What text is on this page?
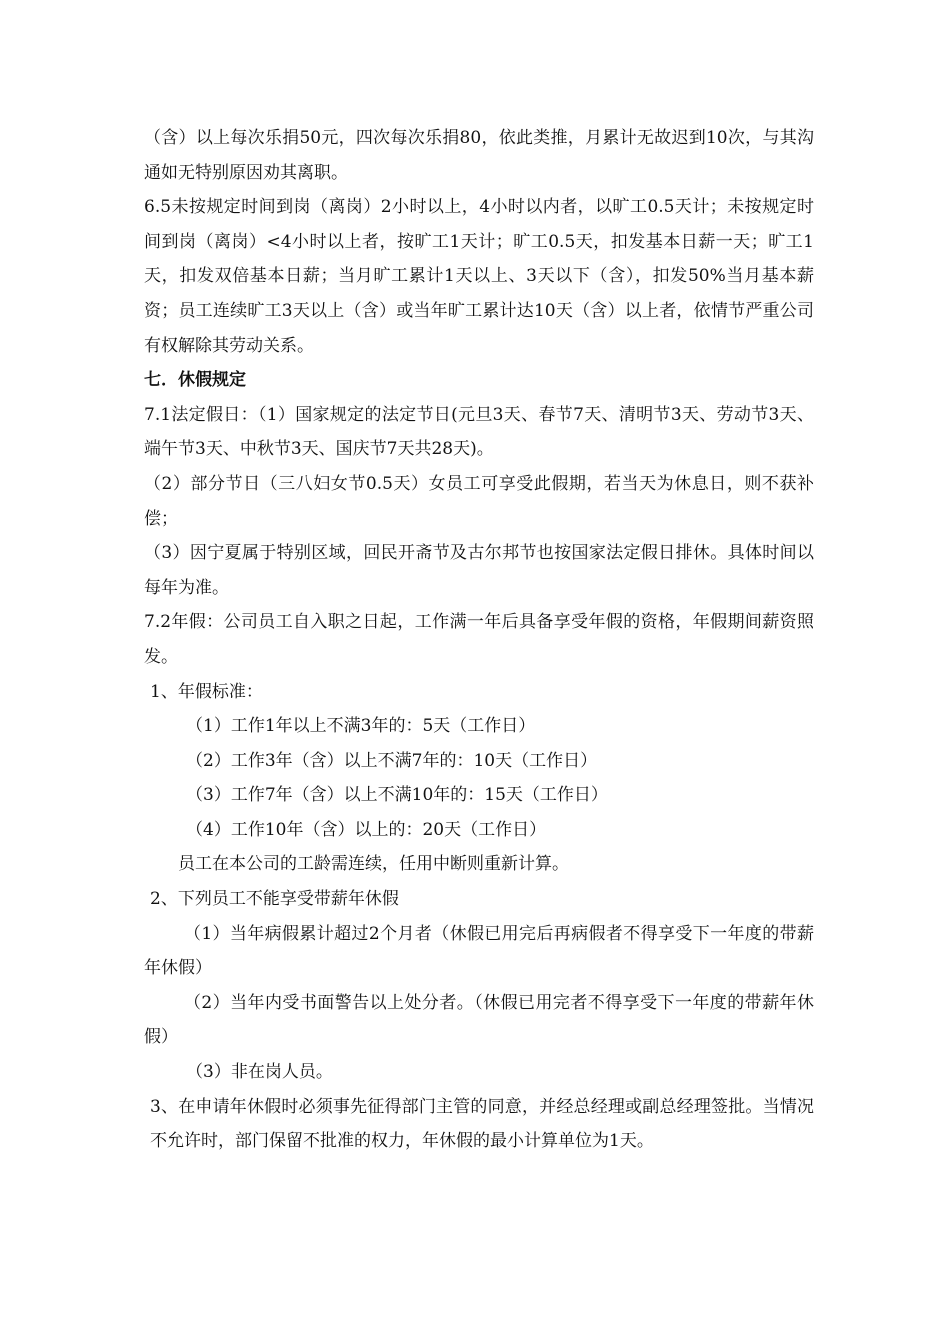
（含）以上每次乐捐50元，四次每次乐捐80，依此类推，月累计无故迟到10次，与其沟通如无特别原因劝其离职。

6.5未按规定时间到岗（离岗）2小时以上，4小时以内者，以旷工0.5天计；未按规定时间到岗（离岗）<4小时以上者，按旷工1天计；旷工0.5天，扣发基本日薪一天；旷工1天，扣发双倍基本日薪；当月旷工累计1天以上、3天以下（含），扣发50%当月基本薪资；员工连续旷工3天以上（含）或当年旷工累计达10天（含）以上者，依情节严重公司有权解除其劳动关系。

七．休假规定

7.1法定假日：（1）国家规定的法定节日(元旦3天、春节7天、清明节3天、劳动节3天、端午节3天、中秋节3天、国庆节7天共28天)。

（2）部分节日（三八妇女节0.5天）女员工可享受此假期，若当天为休息日，则不获补偿；

（3）因宁夏属于特别区域，回民开斋节及古尔邦节也按国家法定假日排休。具体时间以每年为准。

7.2年假：公司员工自入职之日起，工作满一年后具备享受年假的资格，年假期间薪资照发。

1、年假标准：

（1）工作1年以上不满3年的：5天（工作日）

（2）工作3年（含）以上不满7年的：10天（工作日）

（3）工作7年（含）以上不满10年的：15天（工作日）

（4）工作10年（含）以上的：20天（工作日）

员工在本公司的工龄需连续，任用中断则重新计算。

2、下列员工不能享受带薪年休假

（1）当年病假累计超过2个月者（休假已用完后再病假者不得享受下一年度的带薪年休假）

（2）当年内受书面警告以上处分者。（休假已用完者不得享受下一年度的带薪年休假）

（3）非在岗人员。

3、在申请年休假时必须事先征得部门主管的同意，并经总经理或副总经理签批。当情况不允许时，部门保留不批准的权力，年休假的最小计算单位为1天。
